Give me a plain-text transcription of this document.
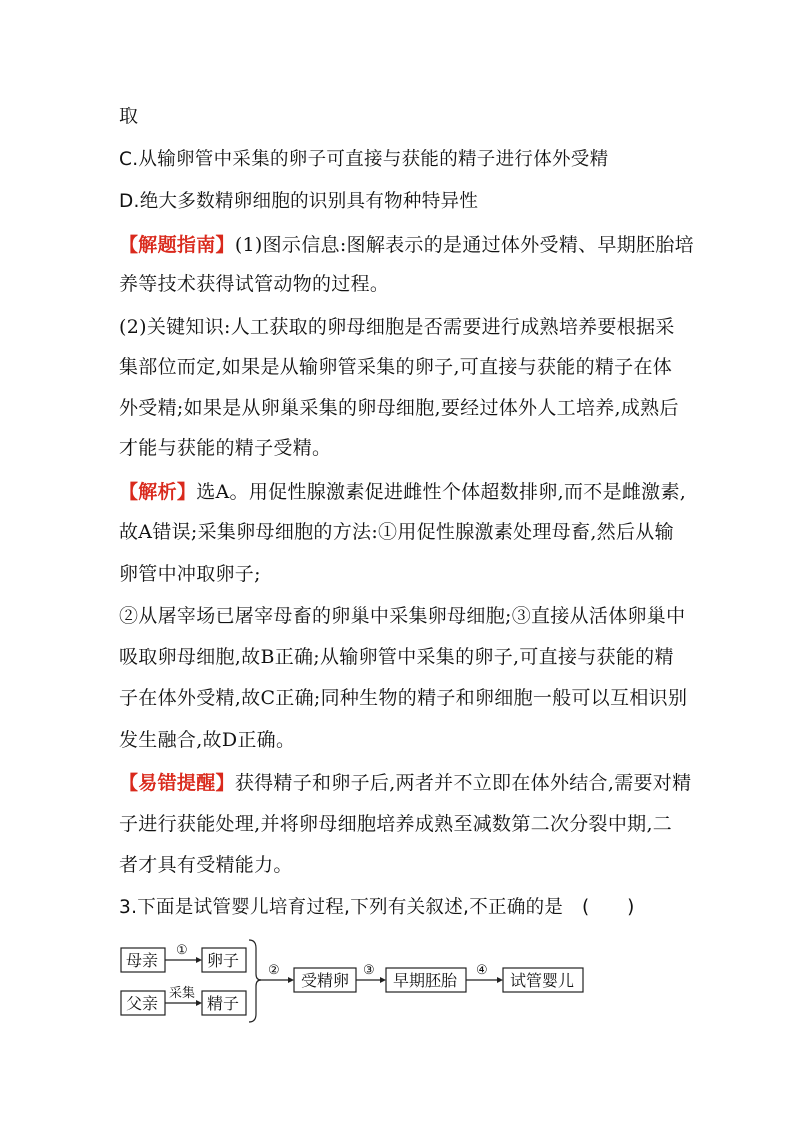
取
C.从输卵管中采集的卵子可直接与获能的精子进行体外受精
D.绝大多数精卵细胞的识别具有物种特异性
【解题指南】(1)图示信息:图解表示的是通过体外受精、早期胚胎培
养等技术获得试管动物的过程。
(2)关键知识:人工获取的卵母细胞是否需要进行成熟培养要根据采
集部位而定,如果是从输卵管采集的卵子,可直接与获能的精子在体
外受精;如果是从卵巢采集的卵母细胞,要经过体外人工培养,成熟后
才能与获能的精子受精。
【解析】选A。用促性腺激素促进雌性个体超数排卵,而不是雌激素,
故A错误;采集卵母细胞的方法:①用促性腺激素处理母畜,然后从输
卵管中冲取卵子;
②从屠宰场已屠宰母畜的卵巢中采集卵母细胞;③直接从活体卵巢中
吸取卵母细胞,故B正确;从输卵管中采集的卵子,可直接与获能的精
子在体外受精,故C正确;同种生物的精子和卵细胞一般可以互相识别
发生融合,故D正确。
【易错提醒】获得精子和卵子后,两者并不立即在体外结合,需要对精
子进行获能处理,并将卵母细胞培养成熟至减数第二次分裂中期,二
者才具有受精能力。
3.下面是试管婴儿培育过程,下列有关叙述,不正确的是　(　　)
母亲	卵子
父亲	精子
受精卵	早期胚胎	试管婴儿
①
采集
②	③	④
